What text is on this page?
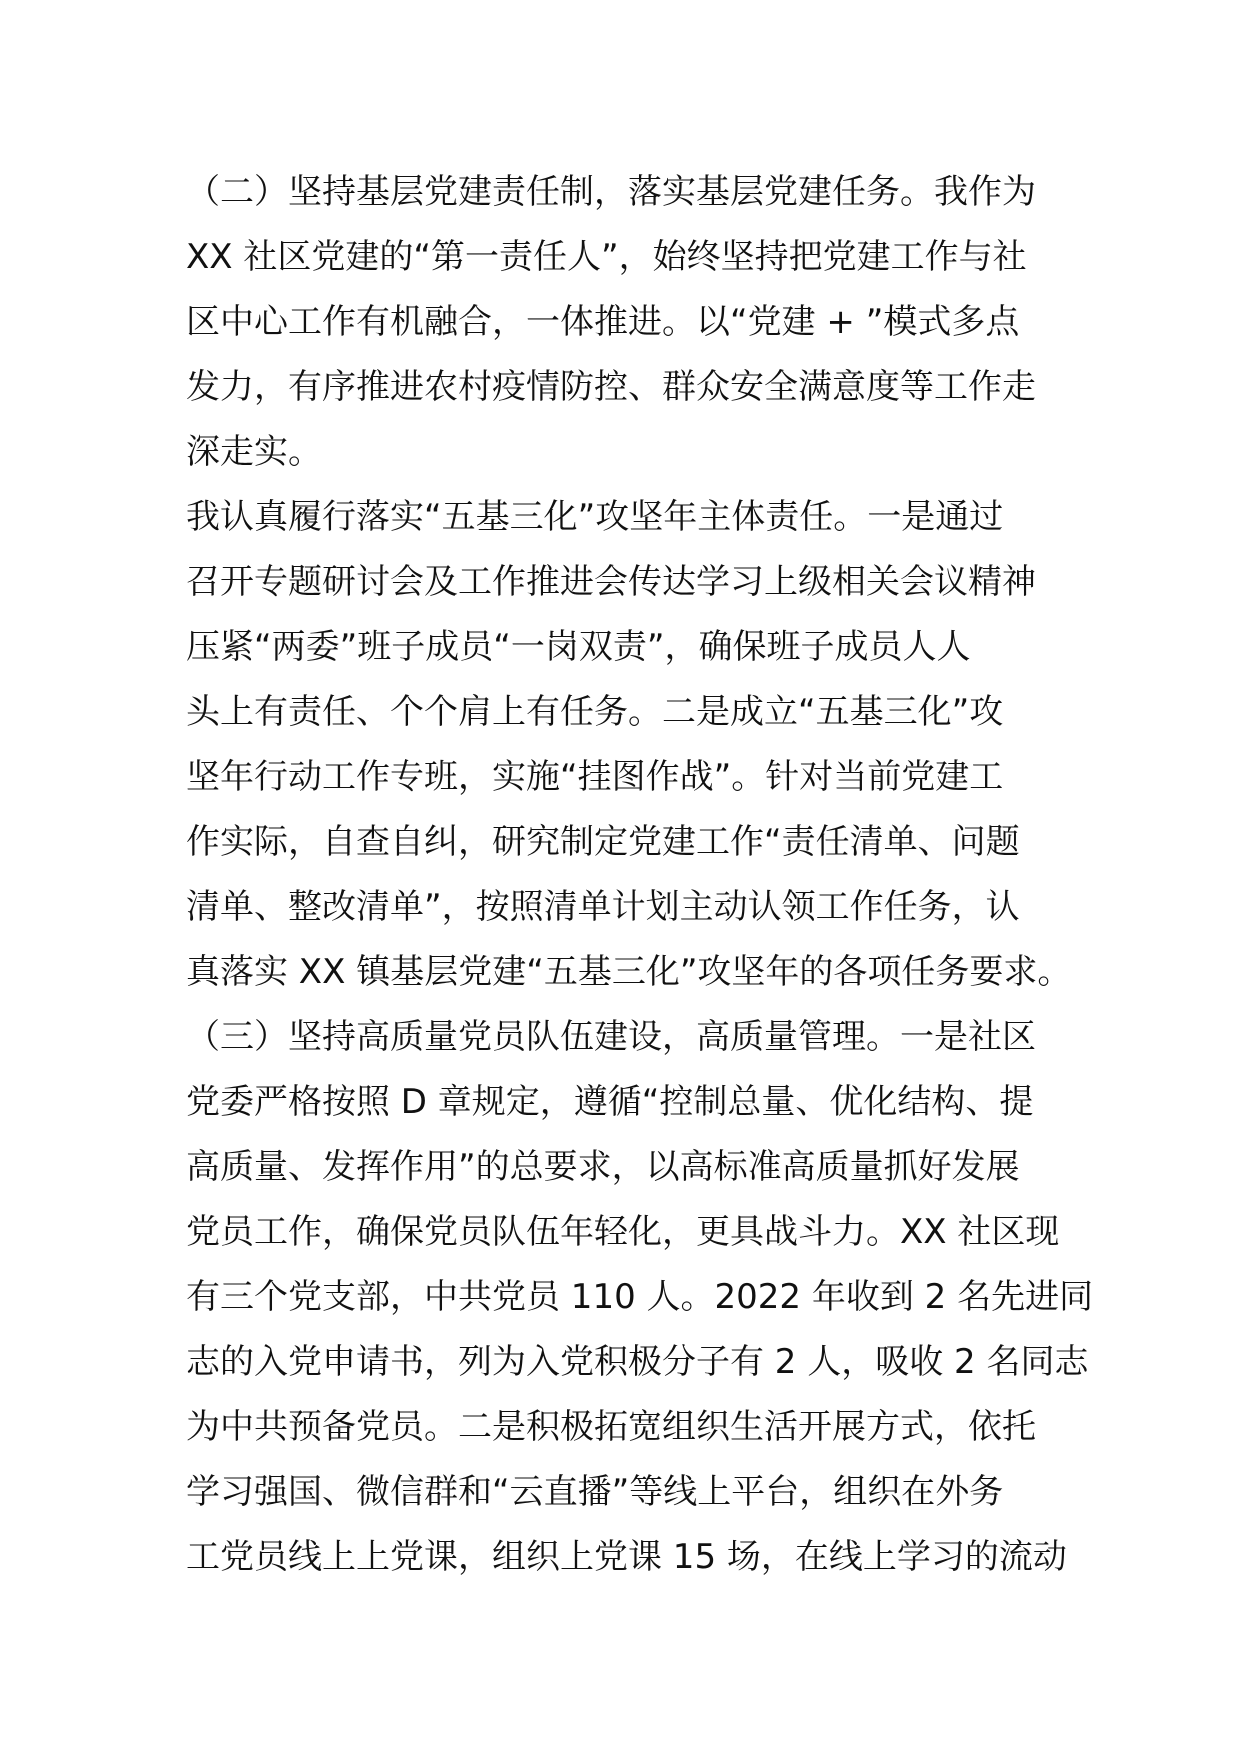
（二）坚持基层党建责任制，落实基层党建任务。我作为
XX 社区党建的“第一责任人”，始终坚持把党建工作与社
区中心工作有机融合，一体推进。以“党建 + ”模式多点
发力，有序推进农村疫情防控、群众安全满意度等工作走
深走实。
我认真履行落实“五基三化”攻坚年主体责任。一是通过
召开专题研讨会及工作推进会传达学习上级相关会议精神
压紧“两委”班子成员“一岗双责”，确保班子成员人人
头上有责任、个个肩上有任务。二是成立“五基三化”攻
坚年行动工作专班，实施“挂图作战”。针对当前党建工
作实际，自查自纠，研究制定党建工作“责任清单、问题
清单、整改清单”，按照清单计划主动认领工作任务，认
真落实 XX 镇基层党建“五基三化”攻坚年的各项任务要求。
（三）坚持高质量党员队伍建设，高质量管理。一是社区
党委严格按照 D 章规定，遵循“控制总量、优化结构、提
高质量、发挥作用”的总要求，以高标准高质量抓好发展
党员工作，确保党员队伍年轻化，更具战斗力。XX 社区现
有三个党支部，中共党员 110 人。2022 年收到 2 名先进同
志的入党申请书，列为入党积极分子有 2 人，吸收 2 名同志
为中共预备党员。二是积极拓宽组织生活开展方式，依托
学习强国、微信群和“云直播”等线上平台，组织在外务
工党员线上上党课，组织上党课 15 场，在线上学习的流动
